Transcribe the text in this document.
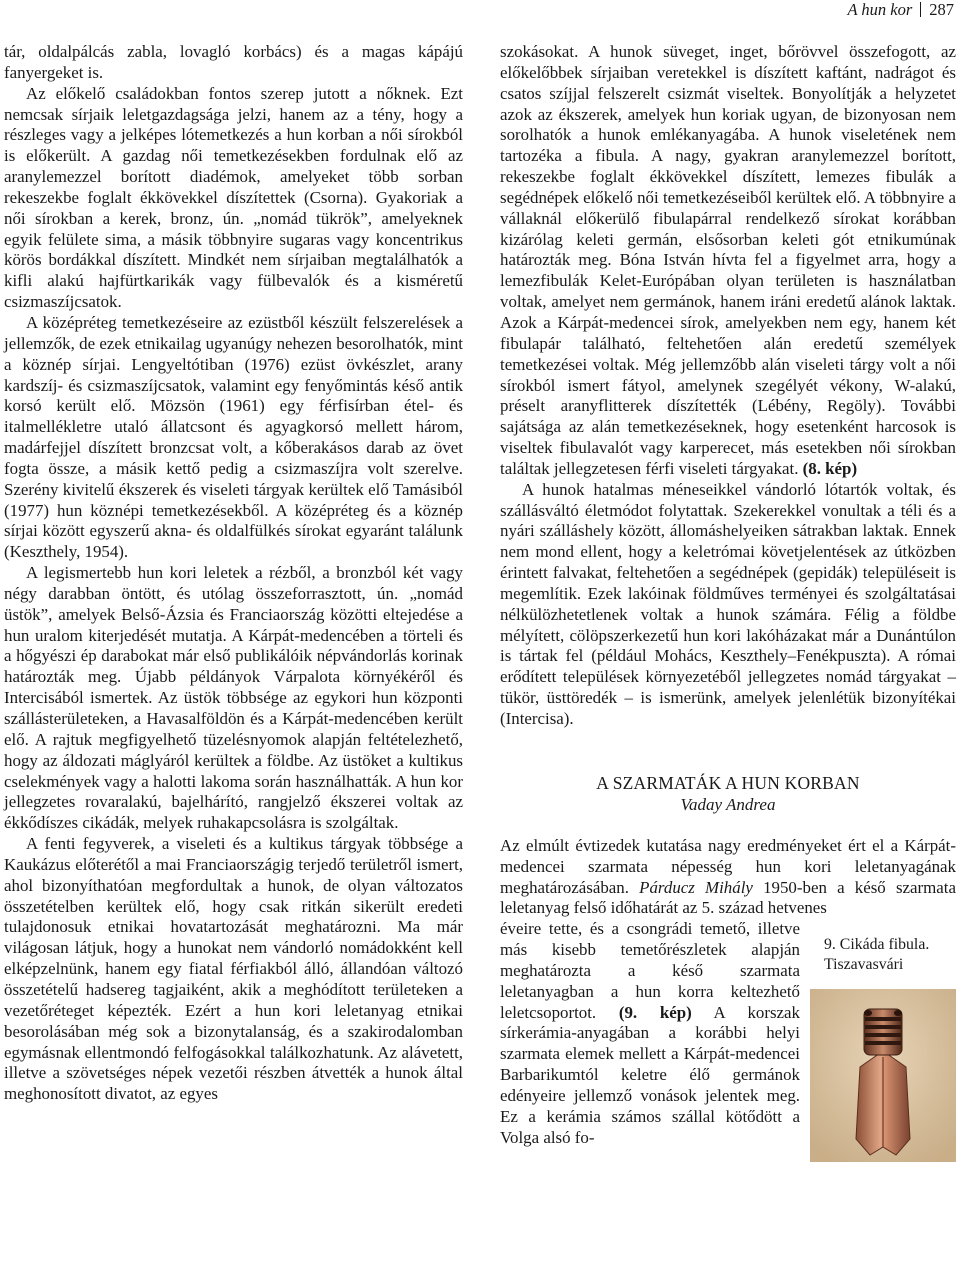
A hun kor 287

tár, oldalpálcás zabla, lovagló korbács) és a magas kápájú fanyergeket is.

Az előkelő családokban fontos szerep jutott a nőknek. Ezt nemcsak sírjaik leletgazdagsága jelzi, hanem az a tény, hogy a részleges vagy a jelképes lótemetkezés a hun korban a női sírokból is előkerült. A gazdag női temetkezésekben fordulnak elő az aranylemezzel borított diadémok, amelyeket több sorban rekeszekbe foglalt ékkövekkel díszítettek (Csorna). Gyakoriak a női sírokban a kerek, bronz, ún. „nomád tükrök”, amelyeknek egyik felülete sima, a másik többnyire sugaras vagy koncentrikus körös bordákkal díszített. Mindkét nem sírjaiban megtalálhatók a kifli alakú hajfürtkarikák vagy fülbevalók és a kisméretű csizmaszíjcsatok.

A középréteg temetkezéseire az ezüstből készült felszerelések a jellemzők, de ezek etnikailag ugyanúgy nehezen besorolhatók, mint a köznép sírjai. Lengyeltótiban (1976) ezüst övkészlet, arany kardszíj- és csizmaszíjcsatok, valamint egy fenyőmintás késő antik korsó került elő. Mözsön (1961) egy férfisírban étel- és italmellékletre utaló állatcsont és agyagkorsó mellett három, madárfejjel díszített bronzcsat volt, a kőberakásos darab az övet fogta össze, a másik kettő pedig a csizmaszíjra volt szerelve. Szerény kivitelű ékszerek és viseleti tárgyak kerültek elő Tamásiból (1977) hun köznépi temetkezésekből. A középréteg és a köznép sírjai között egyszerű akna- és oldalfülkés sírokat egyaránt találunk (Keszthely, 1954).

A legismertebb hun kori leletek a rézből, a bronzból két vagy négy darabban öntött, és utólag összeforrasztott, ún. „nomád üstök”, amelyek Belső-Ázsia és Franciaország közötti eltejedése a hun uralom kiterjedését mutatja. A Kárpát-medencében a törteli és a hőgyészi ép darabokat már első publikálóik népvándorlás korinak határozták meg. Újabb példányok Várpalota környékéről és Intercisából ismertek. Az üstök többsége az egykori hun központi szállásterületeken, a Havasalföldön és a Kárpát-medencében került elő. A rajtuk megfigyelhető tüzelésnyomok alapján feltételezhető, hogy az áldozati máglyáról kerültek a földbe. Az üstöket a kultikus cselekmények vagy a halotti lakoma során használhatták. A hun kor jellegzetes rovaralakú, bajelhárító, rangjelző ékszerei voltak az ékkődíszes cikádák, melyek ruhakapcsolásra is szolgáltak.

A fenti fegyverek, a viseleti és a kultikus tárgyak többsége a Kaukázus előterétől a mai Franciaországig terjedő területről ismert, ahol bizonyíthatóan megfordultak a hunok, de olyan változatos összetételben kerültek elő, hogy csak ritkán sikerült eredeti tulajdonosuk etnikai hovatartozását meghatározni. Ma már világosan látjuk, hogy a hunokat nem vándorló nomádokként kell elképzelnünk, hanem egy fiatal férfiakból álló, állandóan változó összetételű hadsereg tagjaiként, akik a meghódított területeken a vezetőréteget képezték. Ezért a hun kori leletanyag etnikai besorolásában még sok a bizonytalanság, és a szakirodalomban egymásnak ellentmondó felfogásokkal találkozhatunk. Az alávetett, illetve a szövetséges népek vezetői részben átvették a hunok által meghonosított divatot, az egyes

szokásokat. A hunok süveget, inget, bőrövvel összefogott, az előkelőbbek sírjaiban veretekkel is díszített kaftánt, nadrágot és csatos szíjjal felszerelt csizmát viseltek. Bonyolítják a helyzetet azok az ékszerek, amelyek hun koriak ugyan, de bizonyosan nem sorolhatók a hunok emlékanyagába. A hunok viseletének nem tartozéka a fibula. A nagy, gyakran aranylemezzel borított, rekeszekbe foglalt ékkövekkel díszített, lemezes fibulák a segédnépek előkelő női temetkezéseiből kerültek elő. A többnyire a vállaknál előkerülő fibulapárral rendelkező sírokat korábban kizárólag keleti germán, elsősorban keleti gót etnikumúnak határozták meg. Bóna István hívta fel a figyelmet arra, hogy a lemezfibulák Kelet-Európában olyan területen is használatban voltak, amelyet nem germánok, hanem iráni eredetű alánok laktak. Azok a Kárpát-medencei sírok, amelyekben nem egy, hanem két fibulapár található, feltehetően alán eredetű személyek temetkezései voltak. Még jellemzőbb alán viseleti tárgy volt a női sírokból ismert fátyol, amelynek szegélyét vékony, W-alakú, préselt aranyflitterek díszítették (Lébény, Regöly). További sajátsága az alán temetkezéseknek, hogy esetenként harcosok is viseltek fibulavalót vagy karperecet, más esetekben női sírokban találtak jellegzetesen férfi viseleti tárgyakat. (8. kép)

A hunok hatalmas méneseikkel vándorló lótartók voltak, és szállásváltó életmódot folytattak. Szekerekkel vonultak a téli és a nyári szálláshely között, állomáshelyeiken sátrakban laktak. Ennek nem mond ellent, hogy a keletrómai követjelentések az útközben érintett falvakat, feltehetően a segédnépek (gepidák) településeit is megemlítik. Ezek lakóinak földműves terményei és szolgáltatásai nélkülözhetetlenek voltak a hunok számára. Félig a földbe mélyített, cölöpszerkezetű hun kori lakóházakat már a Dunántúlon is tártak fel (például Mohács, Keszthely–Fenékpuszta). A római erődített települések környezetéből jellegzetes nomád tárgyakat – tükör, üsttöredék – is ismerünk, amelyek jelenlétük bizonyítékai (Intercisa).

A SZARMATÁK A HUN KORBAN
Vaday Andrea

Az elmúlt évtizedek kutatása nagy eredményeket ért el a Kárpát-medencei szarmata népesség hun kori leletanyagának meghatározásában. Párducz Mihály 1950-ben a késő szarmata leletanyag felső időhatárát az 5. század hetvenes

9. Cikáda fibula.
Tiszavasvári

éveire tette, és a csongrádi temető, illetve más kisebb temetőrészletek alapján meghatározta a késő szarmata leletanyagban a hun korra keltezhető leletcsoportot. (9. kép) A korszak sírkerámia-anyagában a korábbi helyi szarmata elemek mellett a Kárpát-medencei Barbarikumtól keletre élő germánok edényeire jellemző vonások jelentek meg. Ez a kerámia számos szállal kötődött a Volga alsó fo-
